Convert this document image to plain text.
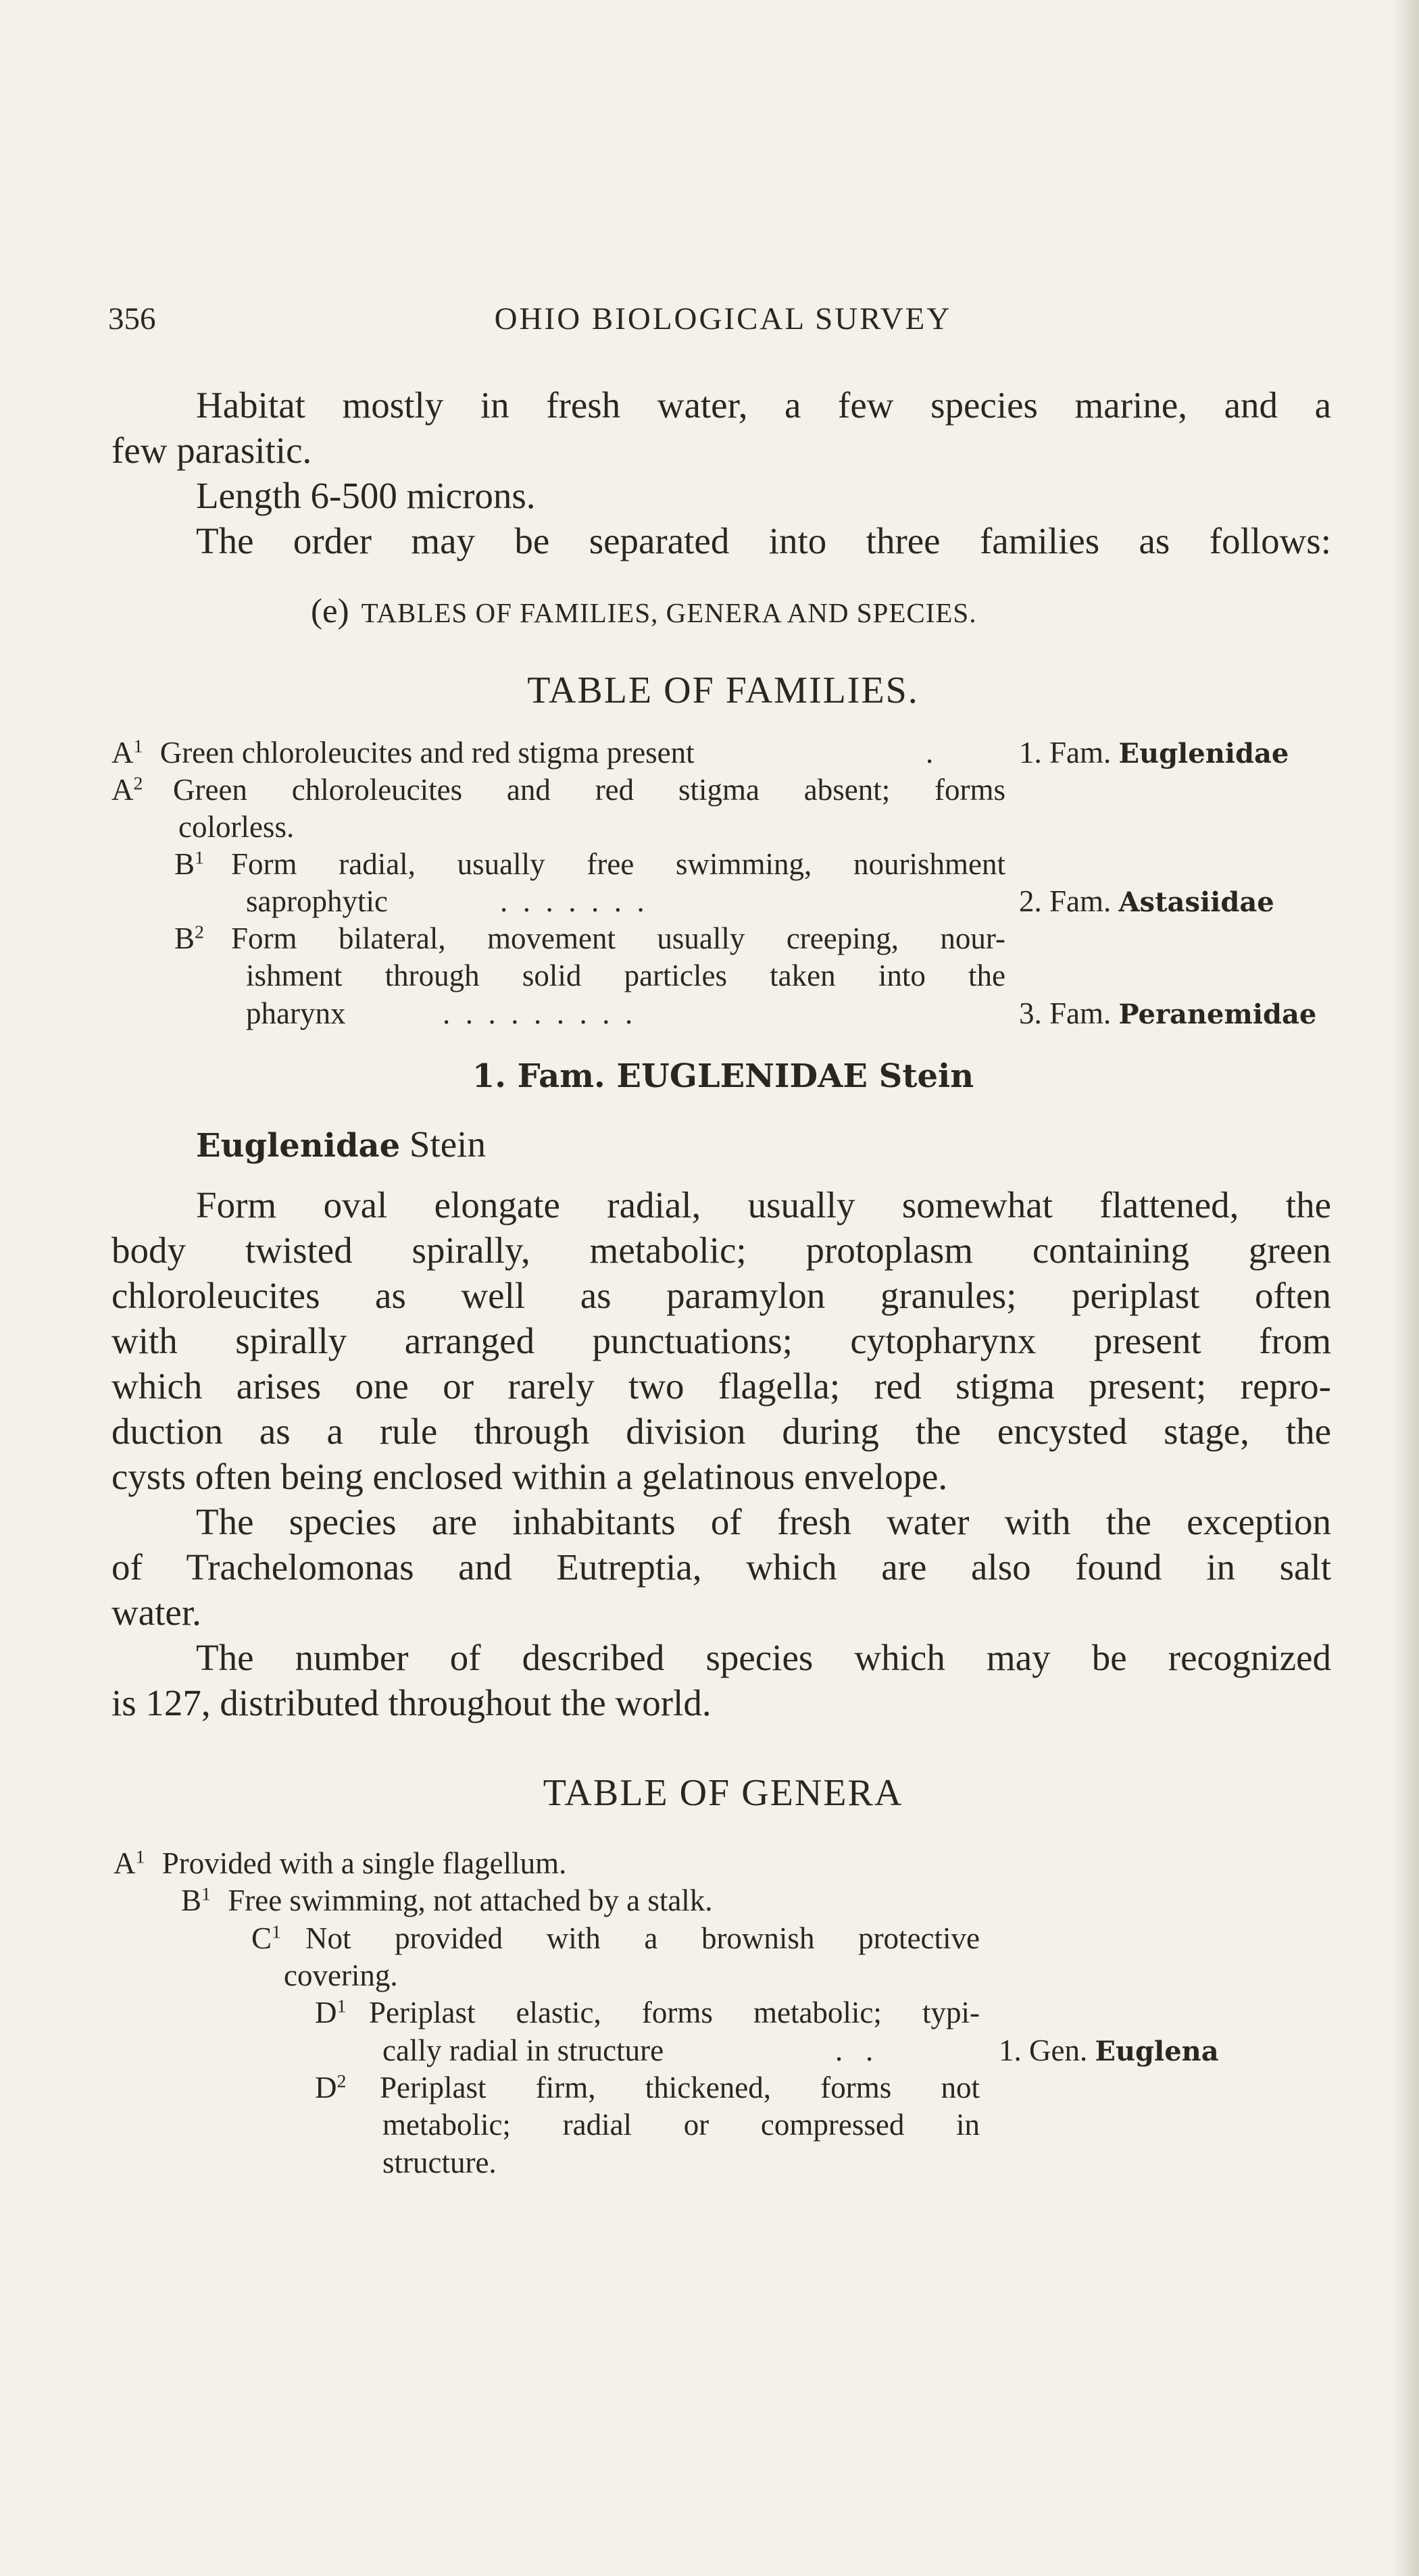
356	OHIO BIOLOGICAL SURVEY
Habitat mostly in fresh water, a few species marine, and a
few parasitic.
Length 6-500 microns.
The order may be separated into three families as follows:
(e) TABLES OF FAMILIES, GENERA AND SPECIES.
TABLE OF FAMILIES.
$A^1$ Green chloroleucites and red stigma present	.	1. Fam. Euglenidae
$A^2$ Green chloroleucites and red stigma absent; forms
colorless.
$B^1$ Form radial, usually free swimming, nourishment
saprophytic	.  .  .  .  .  .  .	2. Fam. Astasiidae
$B^2$ Form bilateral, movement usually creeping, nour-
ishment through solid particles taken into the
pharynx	.  .  .  .  .  .  .  .  .	3. Fam. Peranemidae
1. Fam. EUGLENIDAE Stein
Euglenidae Stein
Form oval elongate radial, usually somewhat flattened, the
body twisted spirally, metabolic; protoplasm containing green
chloroleucites as well as paramylon granules; periplast often
with spirally arranged punctuations; cytopharynx present from
which arises one or rarely two flagella; red stigma present; repro-
duction as a rule through division during the encysted stage, the
cysts often being enclosed within a gelatinous envelope.
The species are inhabitants of fresh water with the exception
of Trachelomonas and Eutreptia, which are also found in salt
water.
The number of described species which may be recognized
is 127, distributed throughout the world.
TABLE OF GENERA
$A^1$ Provided with a single flagellum.
$B^1$ Free swimming, not attached by a stalk.
$C^1$ Not provided with a brownish protective
covering.
$D^1$ Periplast elastic, forms metabolic; typi-
cally radial in structure	.   .	1. Gen. Euglena
$D^2$ Periplast firm, thickened, forms not
metabolic; radial or compressed in
structure.
